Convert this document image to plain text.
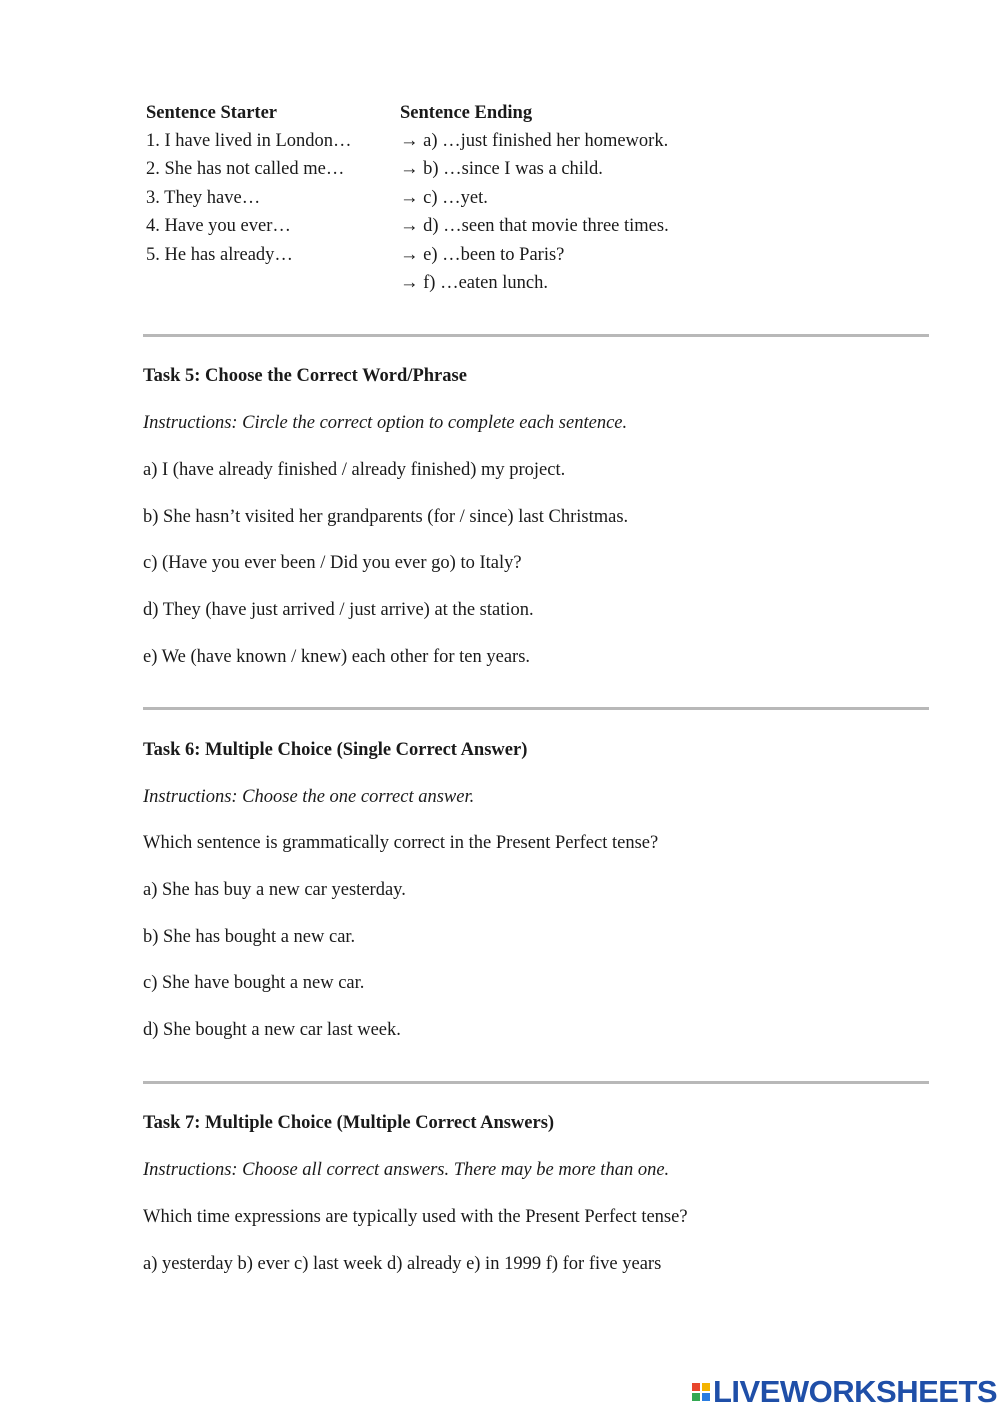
Sentence Starter	Sentence Ending
1. I have lived in London…	→ a) …just finished her homework.
2. She has not called me…	→ b) …since I was a child.
3. They have…	→ c) …yet.
4. Have you ever…	→ d) …seen that movie three times.
5. He has already…	→ e) …been to Paris?
	→ f) …eaten lunch.
Task 5: Choose the Correct Word/Phrase
Instructions: Circle the correct option to complete each sentence.
a) I (have already finished / already finished) my project.
b) She hasn’t visited her grandparents (for / since) last Christmas.
c) (Have you ever been / Did you ever go) to Italy?
d) They (have just arrived / just arrive) at the station.
e) We (have known / knew) each other for ten years.
Task 6: Multiple Choice (Single Correct Answer)
Instructions: Choose the one correct answer.
Which sentence is grammatically correct in the Present Perfect tense?
a) She has buy a new car yesterday.
b) She has bought a new car.
c) She have bought a new car.
d) She bought a new car last week.
Task 7: Multiple Choice (Multiple Correct Answers)
Instructions: Choose all correct answers. There may be more than one.
Which time expressions are typically used with the Present Perfect tense?
a) yesterday b) ever c) last week d) already e) in 1999 f) for five years
LIVEWORKSHEETS
